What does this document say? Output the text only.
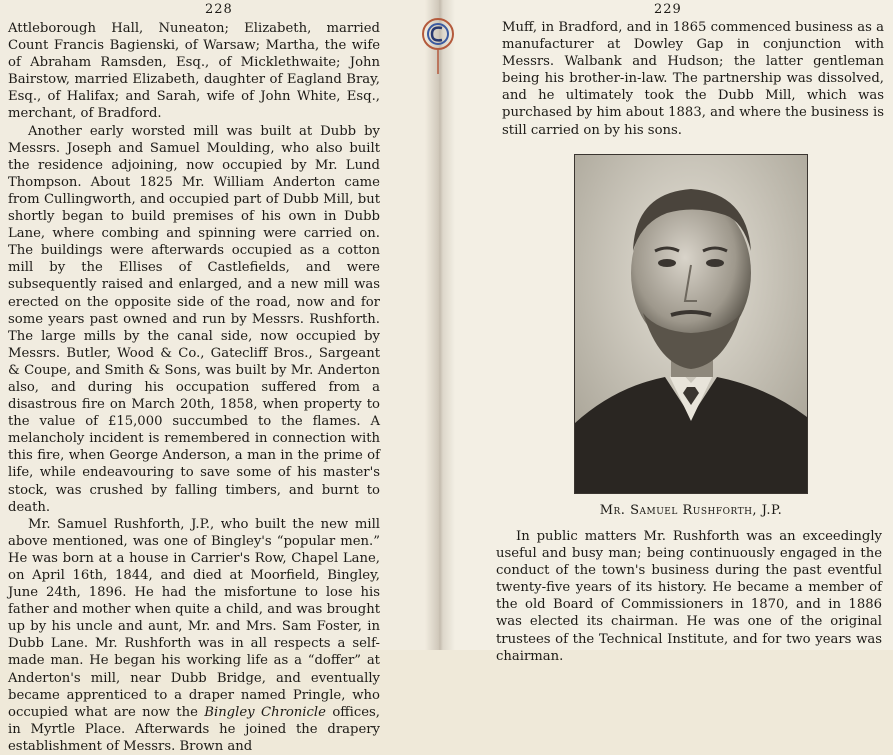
228

Attleborough Hall, Nuneaton; Elizabeth, married Count Francis Bagienski, of Warsaw; Martha, the wife of Abraham Ramsden, Esq., of Micklethwaite; John Bairstow, married Elizabeth, daughter of Eagland Bray, Esq., of Halifax; and Sarah, wife of John White, Esq., merchant, of Bradford.

Another early worsted mill was built at Dubb by Messrs. Joseph and Samuel Moulding, who also built the residence adjoining, now occupied by Mr. Lund Thompson. About 1825 Mr. William Anderton came from Cullingworth, and occupied part of Dubb Mill, but shortly began to build premises of his own in Dubb Lane, where combing and spinning were carried on. The buildings were afterwards occupied as a cotton mill by the Ellises of Castlefields, and were subsequently raised and enlarged, and a new mill was erected on the opposite side of the road, now and for some years past owned and run by Messrs. Rushforth. The large mills by the canal side, now occupied by Messrs. Butler, Wood & Co., Gatecliff Bros., Sargeant & Coupe, and Smith & Sons, was built by Mr. Anderton also, and during his occupation suffered from a disastrous fire on March 20th, 1858, when property to the value of £15,000 succumbed to the flames. A melancholy incident is remembered in connection with this fire, when George Anderson, a man in the prime of life, while endeavouring to save some of his master's stock, was crushed by falling timbers, and burnt to death.

Mr. Samuel Rushforth, J.P., who built the new mill above mentioned, was one of Bingley's “popular men.” He was born at a house in Carrier's Row, Chapel Lane, on April 16th, 1844, and died at Moorfield, Bingley, June 24th, 1896. He had the misfortune to lose his father and mother when quite a child, and was brought up by his uncle and aunt, Mr. and Mrs. Sam Foster, in Dubb Lane. Mr. Rushforth was in all respects a self-made man. He began his working life as a “doffer” at Anderton's mill, near Dubb Bridge, and eventually became apprenticed to a draper named Pringle, who occupied what are now the Bingley Chronicle offices, in Myrtle Place. Afterwards he joined the drapery establishment of Messrs. Brown and

229

Muff, in Bradford, and in 1865 commenced business as a manufacturer at Dowley Gap in conjunction with Messrs. Walbank and Hudson; the latter gentleman being his brother-in-law. The partnership was dissolved, and he ultimately took the Dubb Mill, which was purchased by him about 1883, and where the business is still carried on by his sons.

Mr. Samuel Rushforth, J.P.

In public matters Mr. Rushforth was an exceedingly useful and busy man; being continuously engaged in the conduct of the town's business during the past eventful twenty-five years of its history. He became a member of the old Board of Commissioners in 1870, and in 1886 was elected its chairman. He was one of the original trustees of the Technical Institute, and for two years was chairman.
